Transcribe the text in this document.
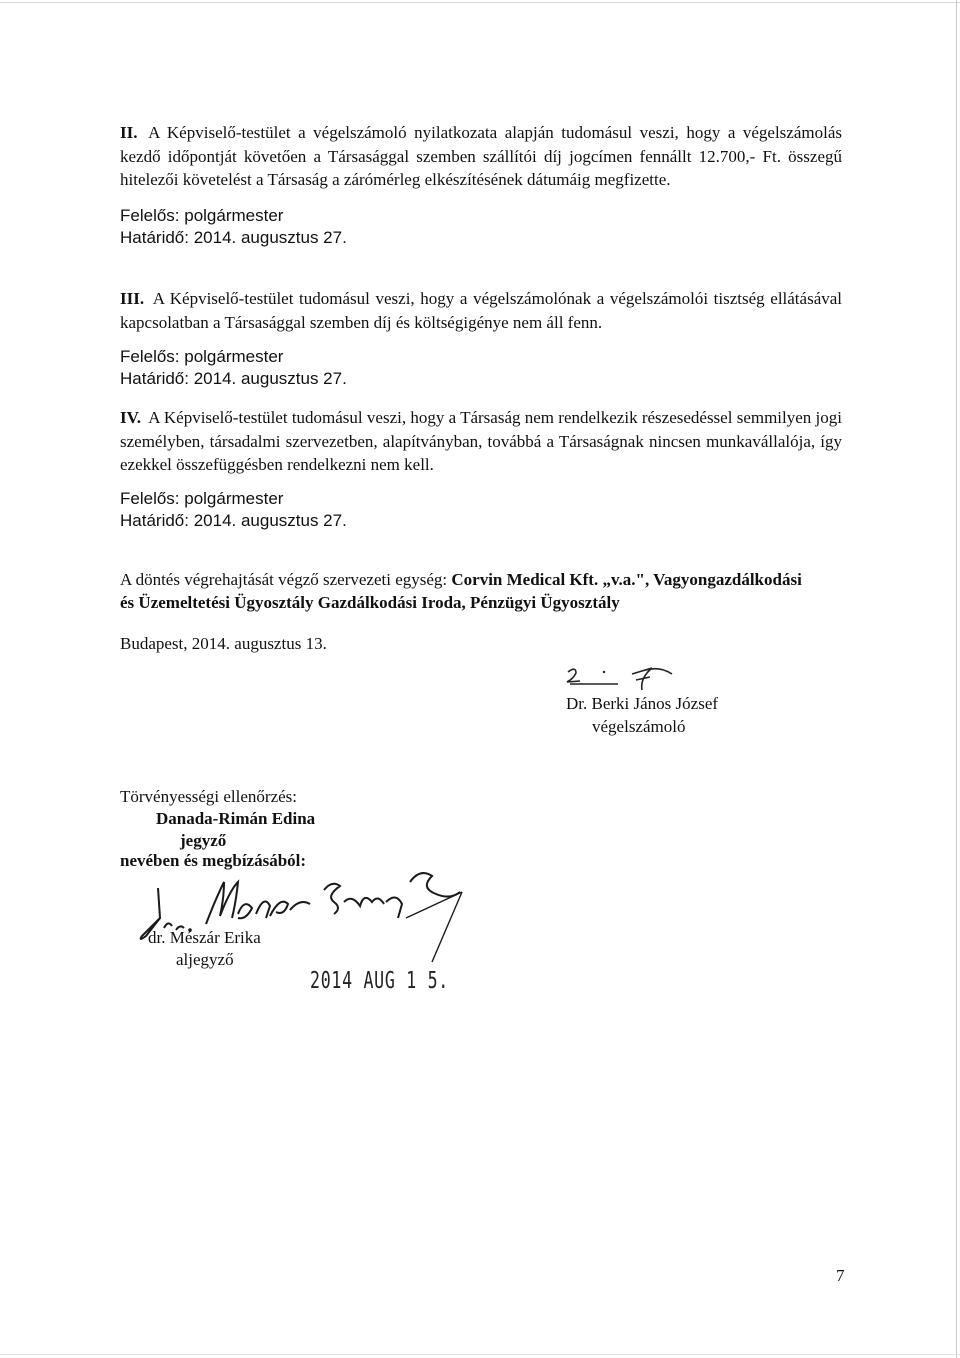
II. A Képviselő-testület a végelszámoló nyilatkozata alapján tudomásul veszi, hogy a végelszámolás kezdő időpontját követően a Társasággal szemben szállítói díj jogcímen fennállt 12.700,- Ft. összegű hitelezői követelést a Társaság a zárómérleg elkészítésének dátumáig megfizette.
Felelős: polgármester
Határidő: 2014. augusztus 27.
III. A Képviselő-testület tudomásul veszi, hogy a végelszámolónak a végelszámolói tisztség ellátásával kapcsolatban a Társasággal szemben díj és költségigénye nem áll fenn.
Felelős: polgármester
Határidő: 2014. augusztus 27.
IV. A Képviselő-testület tudomásul veszi, hogy a Társaság nem rendelkezik részesedéssel semmilyen jogi személyben, társadalmi szervezetben, alapítványban, továbbá a Társaságnak nincsen munkavállalója, így ezekkel összefüggésben rendelkezni nem kell.
Felelős: polgármester
Határidő: 2014. augusztus 27.
A döntés végrehajtását végző szervezeti egység: Corvin Medical Kft. „v.a.", Vagyongazdálkodási
és Üzemeltetési Ügyosztály Gazdálkodási Iroda, Pénzügyi Ügyosztály
Budapest, 2014. augusztus 13.
Dr. Berki János József
végelszámoló
Törvényességi ellenőrzés:
Danada-Rimán Edina
jegyző
nevében és megbízásából:
dr. Mészár Erika
aljegyző
2014 AUG 1 5.
7
